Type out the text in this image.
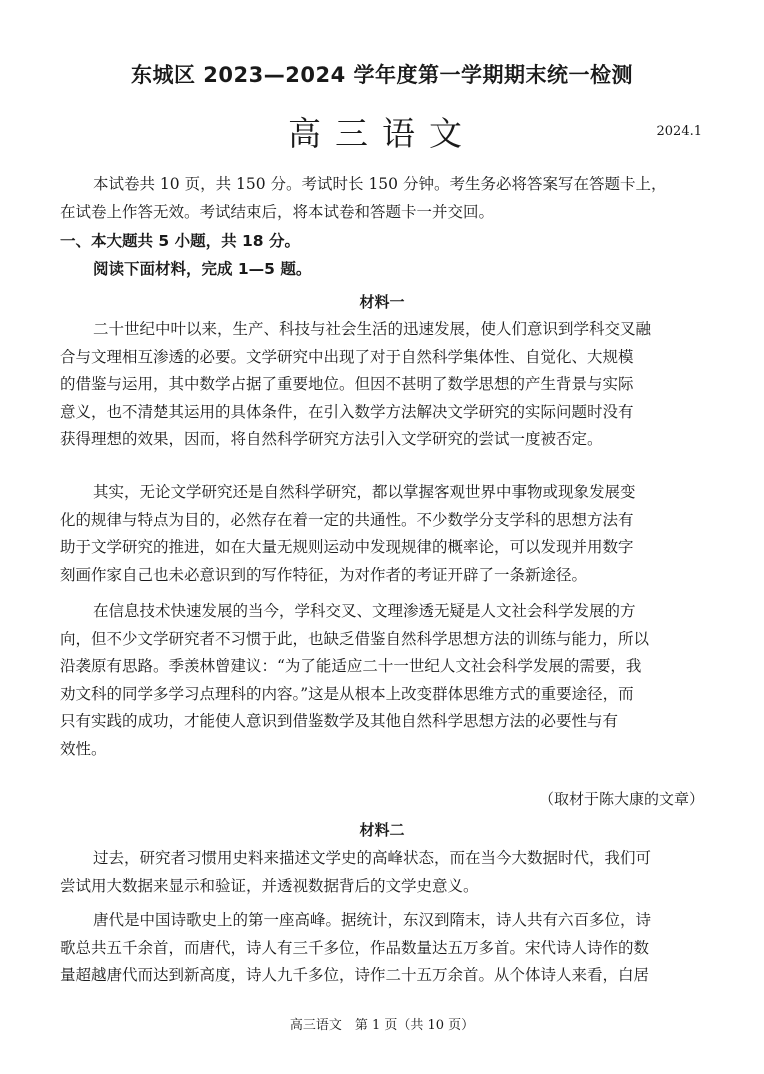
东城区 2023—2024 学年度第一学期期末统一检测
高三语文	2024.1
本试卷共 10 页，共 150 分。考试时长 150 分钟。考生务必将答案写在答题卡上，
在试卷上作答无效。考试结束后，将本试卷和答题卡一并交回。
一、本大题共 5 小题，共 18 分。
阅读下面材料，完成 1—5 题。
材料一
二十世纪中叶以来，生产、科技与社会生活的迅速发展，使人们意识到学科交叉融
合与文理相互渗透的必要。文学研究中出现了对于自然科学集体性、自觉化、大规模
的借鉴与运用，其中数学占据了重要地位。但因不甚明了数学思想的产生背景与实际
意义，也不清楚其运用的具体条件，在引入数学方法解决文学研究的实际问题时没有
获得理想的效果，因而，将自然科学研究方法引入文学研究的尝试一度被否定。
其实，无论文学研究还是自然科学研究，都以掌握客观世界中事物或现象发展变
化的规律与特点为目的，必然存在着一定的共通性。不少数学分支学科的思想方法有
助于文学研究的推进，如在大量无规则运动中发现规律的概率论，可以发现并用数字
刻画作家自己也未必意识到的写作特征，为对作者的考证开辟了一条新途径。
在信息技术快速发展的当今，学科交叉、文理渗透无疑是人文社会科学发展的方
向，但不少文学研究者不习惯于此，也缺乏借鉴自然科学思想方法的训练与能力，所以
沿袭原有思路。季羡林曾建议：“为了能适应二十一世纪人文社会科学发展的需要，我
劝文科的同学多学习点理科的内容。”这是从根本上改变群体思维方式的重要途径，而
只有实践的成功，才能使人意识到借鉴数学及其他自然科学思想方法的必要性与有
效性。
（取材于陈大康的文章）
材料二
过去，研究者习惯用史料来描述文学史的高峰状态，而在当今大数据时代，我们可
尝试用大数据来显示和验证，并透视数据背后的文学史意义。
唐代是中国诗歌史上的第一座高峰。据统计，东汉到隋末，诗人共有六百多位，诗
歌总共五千余首，而唐代，诗人有三千多位，作品数量达五万多首。宋代诗人诗作的数
量超越唐代而达到新高度，诗人九千多位，诗作二十五万余首。从个体诗人来看，白居
高三语文　第 1 页（共 10 页）
